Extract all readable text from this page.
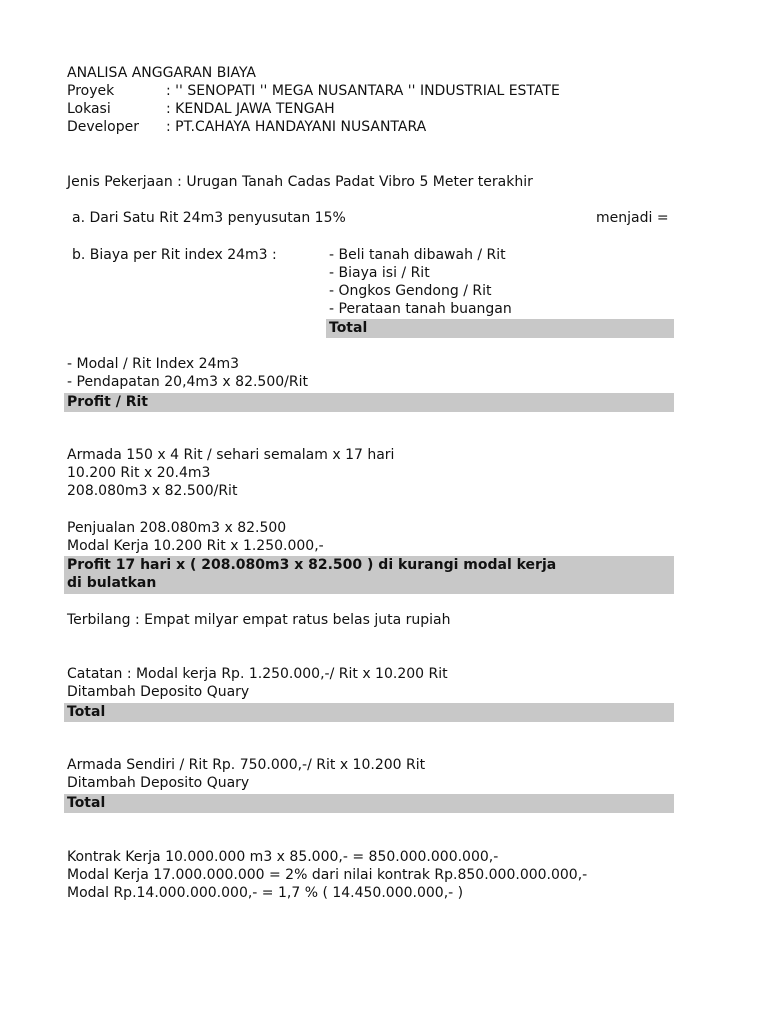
ANALISA ANGGARAN BIAYA
Proyek	: '' SENOPATI '' MEGA NUSANTARA '' INDUSTRIAL ESTATE
Lokasi	: KENDAL JAWA TENGAH
Developer : PT.CAHAYA HANDAYANI NUSANTARA
Jenis Pekerjaan : Urugan Tanah Cadas Padat Vibro 5 Meter terakhir
a. Dari Satu Rit 24m3 penyusutan 15%	menjadi =
b. Biaya per Rit index 24m3 :	- Beli tanah dibawah / Rit
- Biaya isi / Rit
- Ongkos Gendong / Rit
- Perataan tanah buangan
Total
- Modal / Rit Index 24m3
- Pendapatan 20,4m3 x 82.500/Rit
Profit / Rit
Armada 150 x 4 Rit / sehari semalam x 17 hari
10.200 Rit x 20.4m3
208.080m3 x 82.500/Rit
Penjualan 208.080m3 x 82.500
Modal Kerja 10.200 Rit x 1.250.000,-
Profit 17 hari x ( 208.080m3 x 82.500 ) di kurangi modal kerja
di bulatkan
Terbilang : Empat milyar empat ratus belas juta rupiah
Catatan : Modal kerja Rp. 1.250.000,-/ Rit x 10.200 Rit
Ditambah Deposito Quary
Total
Armada Sendiri / Rit Rp. 750.000,-/ Rit x 10.200 Rit
Ditambah Deposito Quary
Total
Kontrak Kerja 10.000.000 m3 x 85.000,- = 850.000.000.000,-
Modal Kerja 17.000.000.000 = 2% dari nilai kontrak Rp.850.000.000.000,-
Modal Rp.14.000.000.000,- = 1,7 % ( 14.450.000.000,- )
